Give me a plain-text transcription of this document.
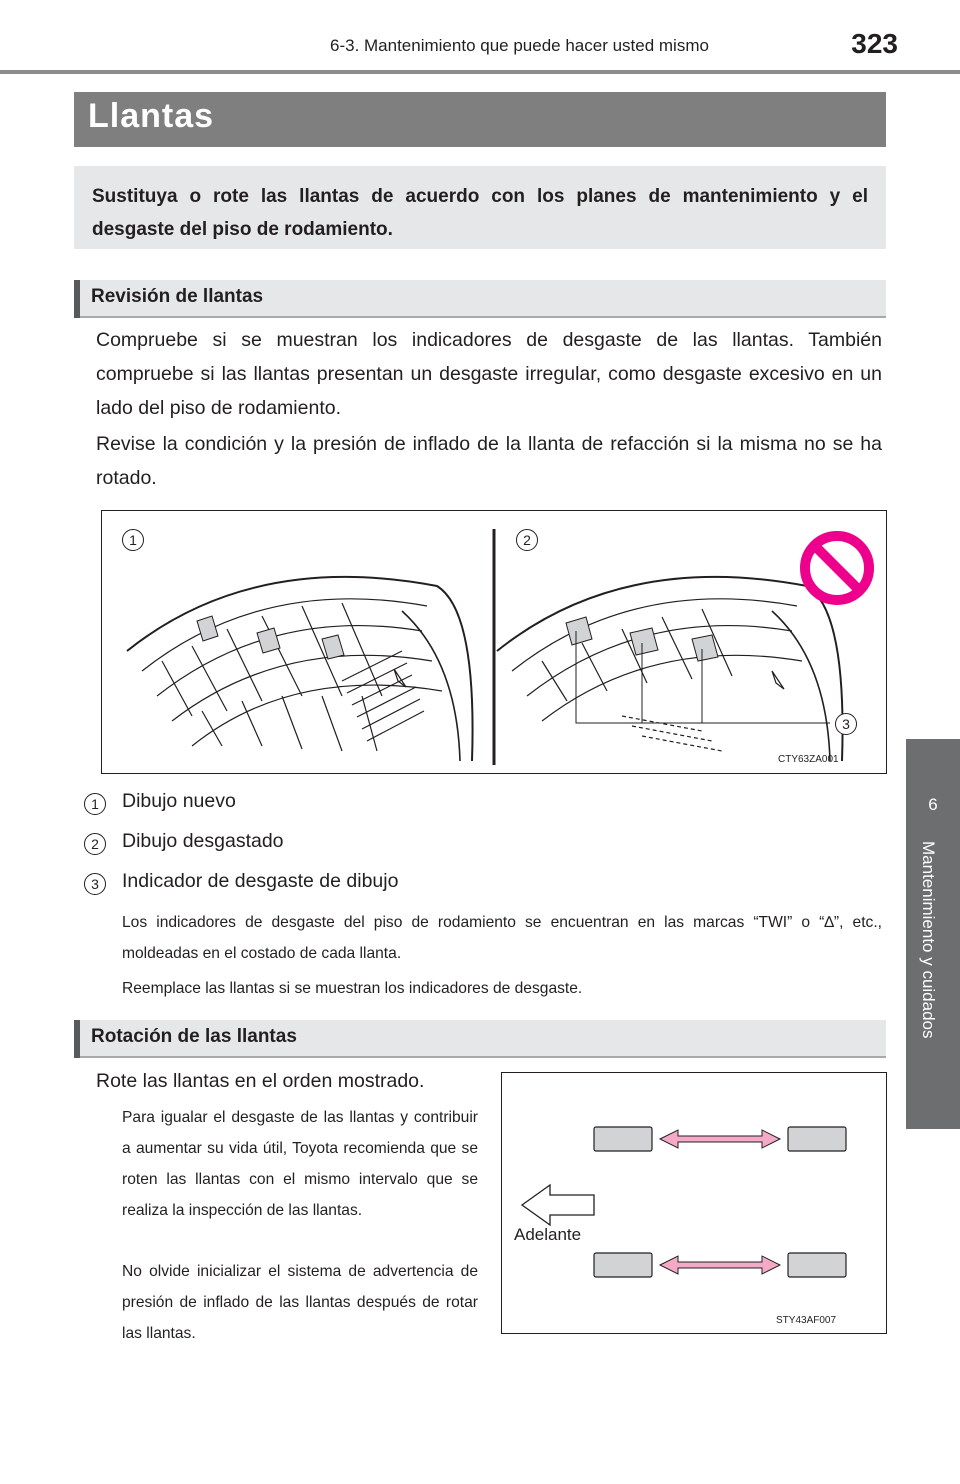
6-3. Mantenimiento que puede hacer usted mismo	323
6
Mantenimiento y cuidados
Llantas
Sustituya o rote las llantas de acuerdo con los planes de mantenimiento y el desgaste del piso de rodamiento.
Revisión de llantas
Compruebe si se muestran los indicadores de desgaste de las llantas. También compruebe si las llantas presentan un desgaste irregular, como desgaste excesivo en un lado del piso de rodamiento.
Revise la condición y la presión de inflado de la llanta de refacción si la misma no se ha rotado.
1	2
3
CTY63ZA001
1	Dibujo nuevo
2	Dibujo desgastado
3	Indicador de desgaste de dibujo
Los indicadores de desgaste del piso de rodamiento se encuentran en las marcas “TWI” o “∆”, etc., moldeadas en el costado de cada llanta.
Reemplace las llantas si se muestran los indicadores de desgaste.
Rotación de las llantas
Rote las llantas en el orden mostrado.
Para igualar el desgaste de las llantas y contribuir a aumentar su vida útil, Toyota recomienda que se roten las llantas con el mismo intervalo que se realiza la inspección de las llantas.
No olvide inicializar el sistema de advertencia de presión de inflado de las llantas después de rotar las llantas.
Adelante
STY43AF007
